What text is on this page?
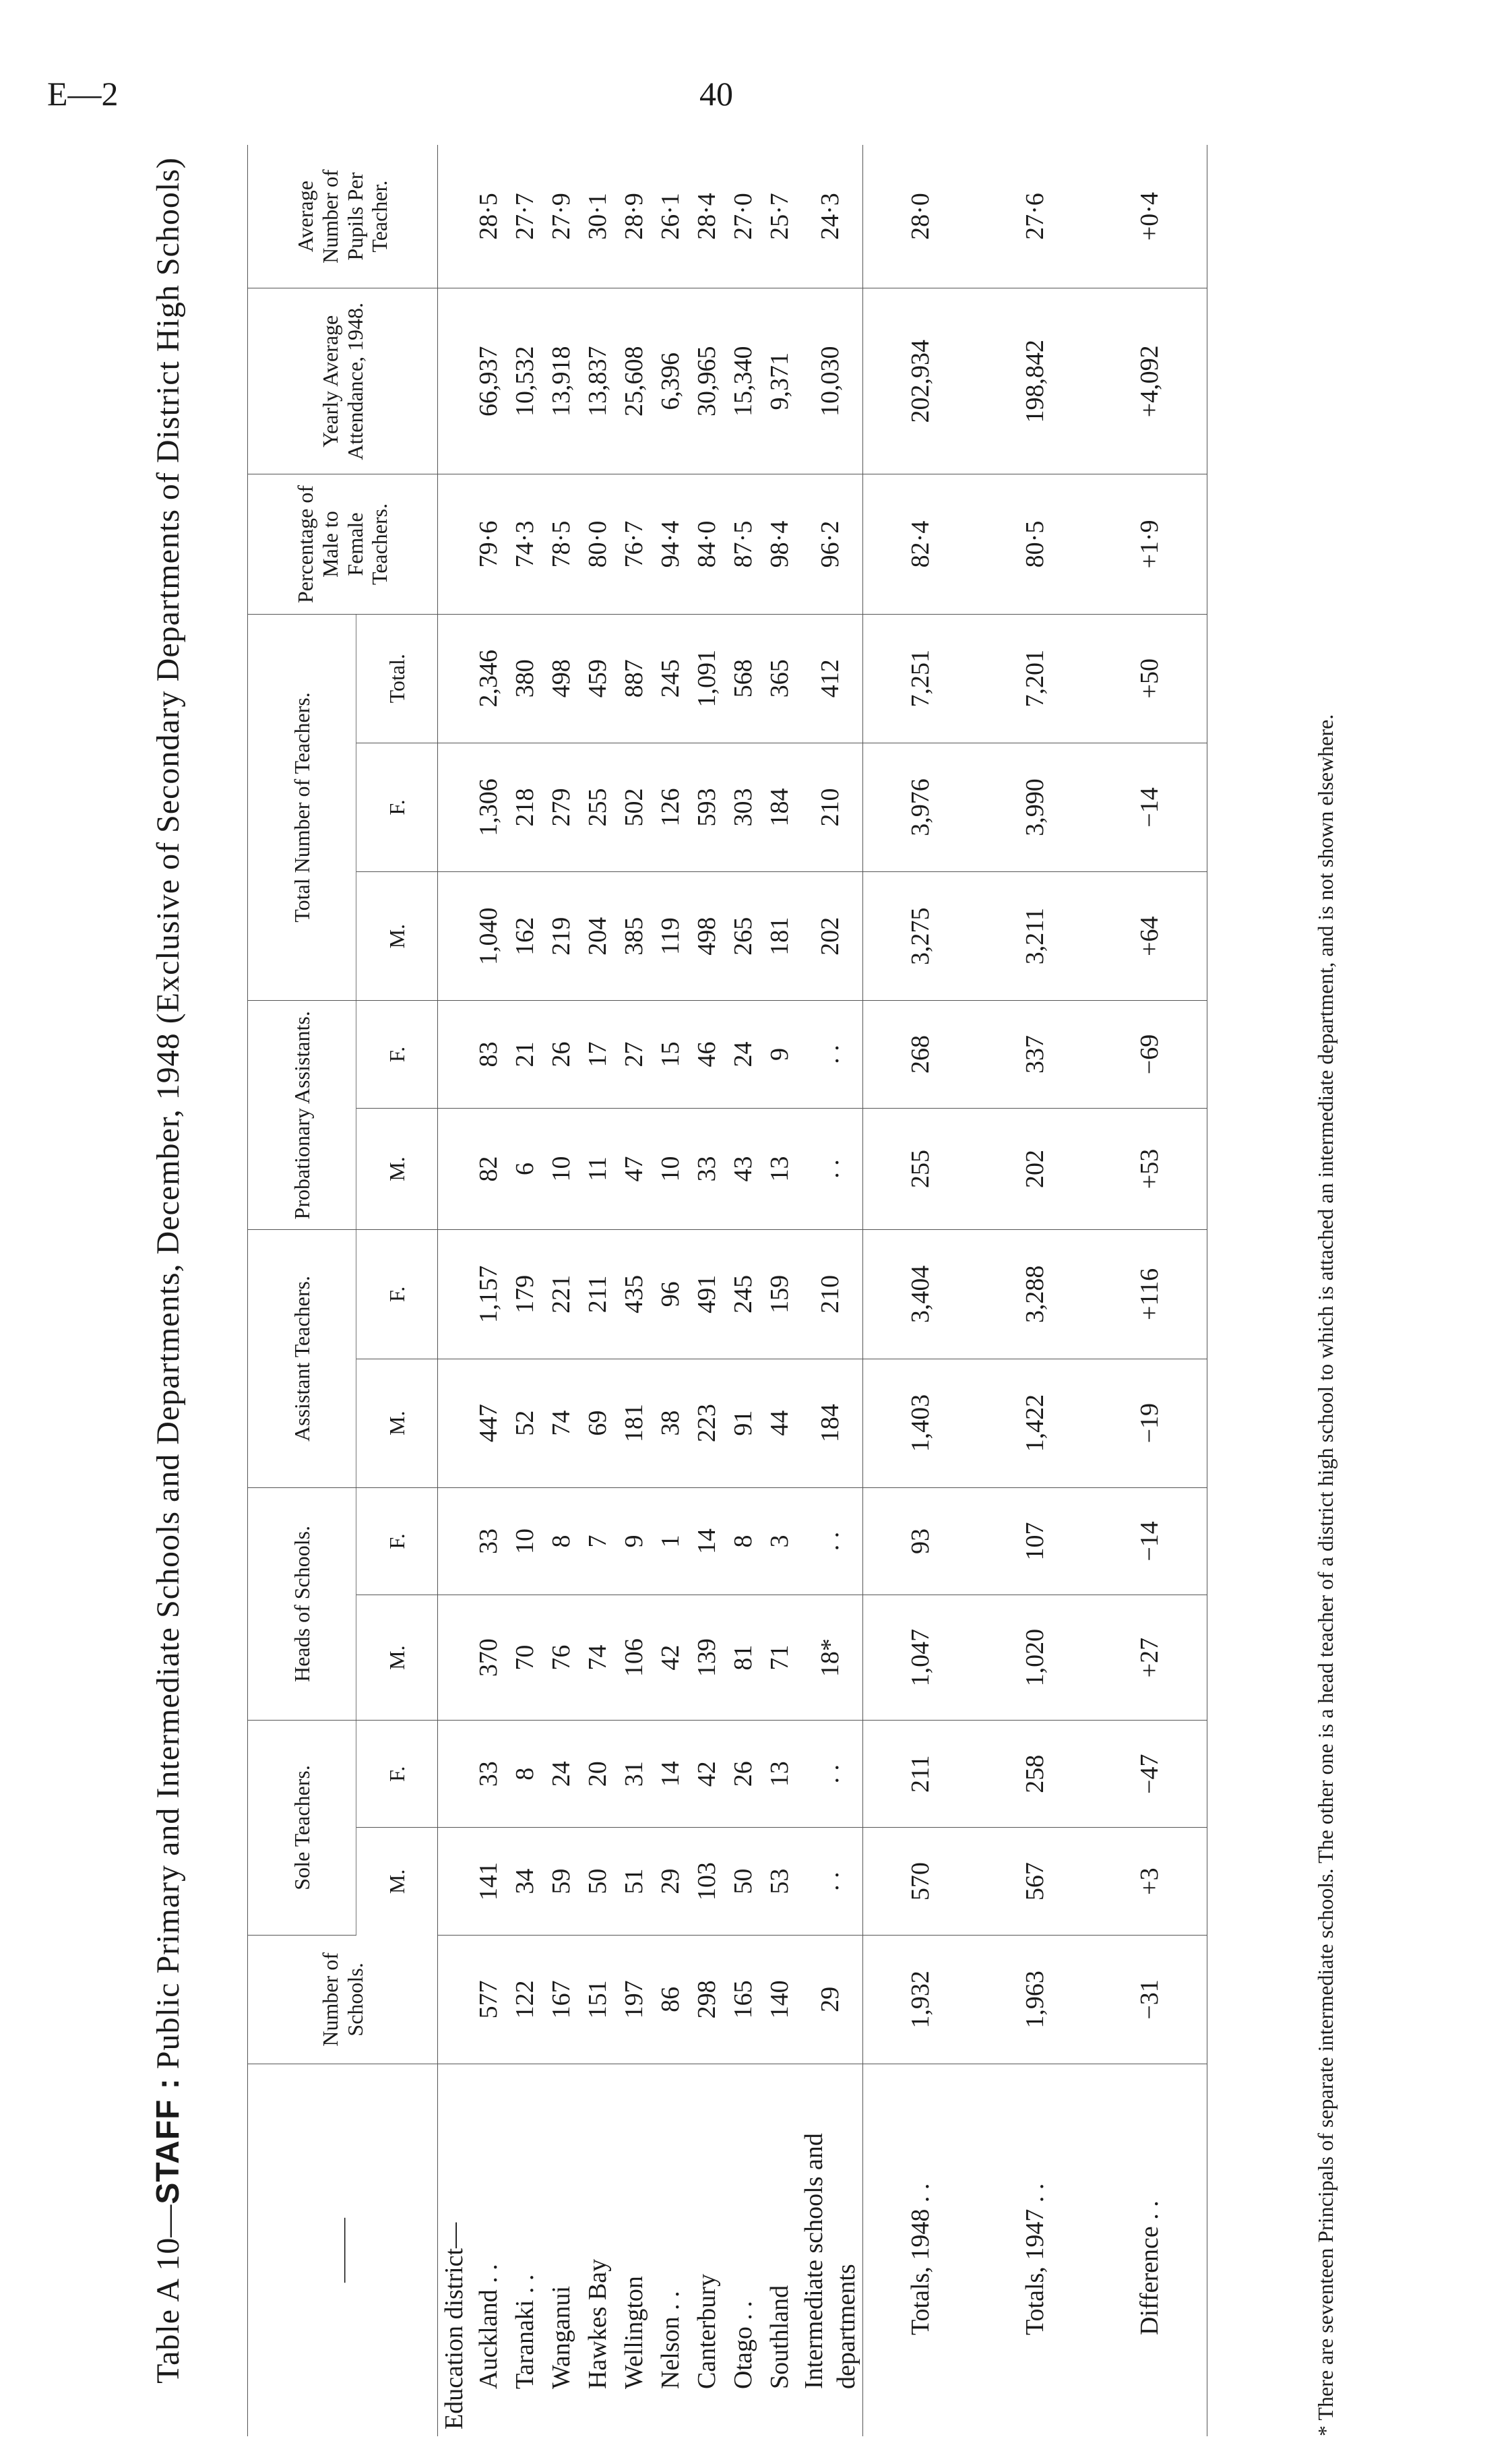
E—2	40
Table A 10—STAFF : Public Primary and Intermediate Schools and Departments, December, 1948 (Exclusive of Secondary Departments of District High Schools)
———	Number of Schools.	Sole Teachers.		Heads of Schools.		Assistant Teachers.		Probationary Assistants.		Total Number of Teachers.			Percentage of Male to Female Teachers.	Yearly Average Attendance, 1948.	Average Number of Pupils Per Teacher.
		M.	F.	M.	F.	M.	F.	M.	F.	M.	F.	Total.			
Education district—															
Auckland . .	577	141	33	370	33	447	1,157	82	83	1,040	1,306	2,346	79·6	66,937	28·5
Taranaki . .	122	34	8	70	10	52	179	6	21	162	218	380	74·3	10,532	27·7
Wanganui	167	59	24	76	8	74	221	10	26	219	279	498	78·5	13,918	27·9
Hawkes Bay	151	50	20	74	7	69	211	11	17	204	255	459	80·0	13,837	30·1
Wellington	197	51	31	106	9	181	435	47	27	385	502	887	76·7	25,608	28·9
Nelson . .	86	29	14	42	1	38	96	10	15	119	126	245	94·4	6,396	26·1
Canterbury	298	103	42	139	14	223	491	33	46	498	593	1,091	84·0	30,965	28·4
Otago . .	165	50	26	81	8	91	245	43	24	265	303	568	87·5	15,340	27·0
Southland	140	53	13	71	3	44	159	13	9	181	184	365	98·4	9,371	25·7
Intermediate schools and departments	29	. .	. .	18*	. .	184	210	. .	. .	202	210	412	96·2	10,030	24·3
Totals, 1948 . .	1,932	570	211	1,047	93	1,403	3,404	255	268	3,275	3,976	7,251	82·4	202,934	28·0
Totals, 1947 . .	1,963	567	258	1,020	107	1,422	3,288	202	337	3,211	3,990	7,201	80·5	198,842	27·6
Difference . .	−31	+3	−47	+27	−14	−19	+116	+53	−69	+64	−14	+50	+1·9	+4,092	+0·4
* There are seventeen Principals of separate intermediate schools. The other one is a head teacher of a district high school to which is attached an intermediate department, and is not shown elsewhere.
